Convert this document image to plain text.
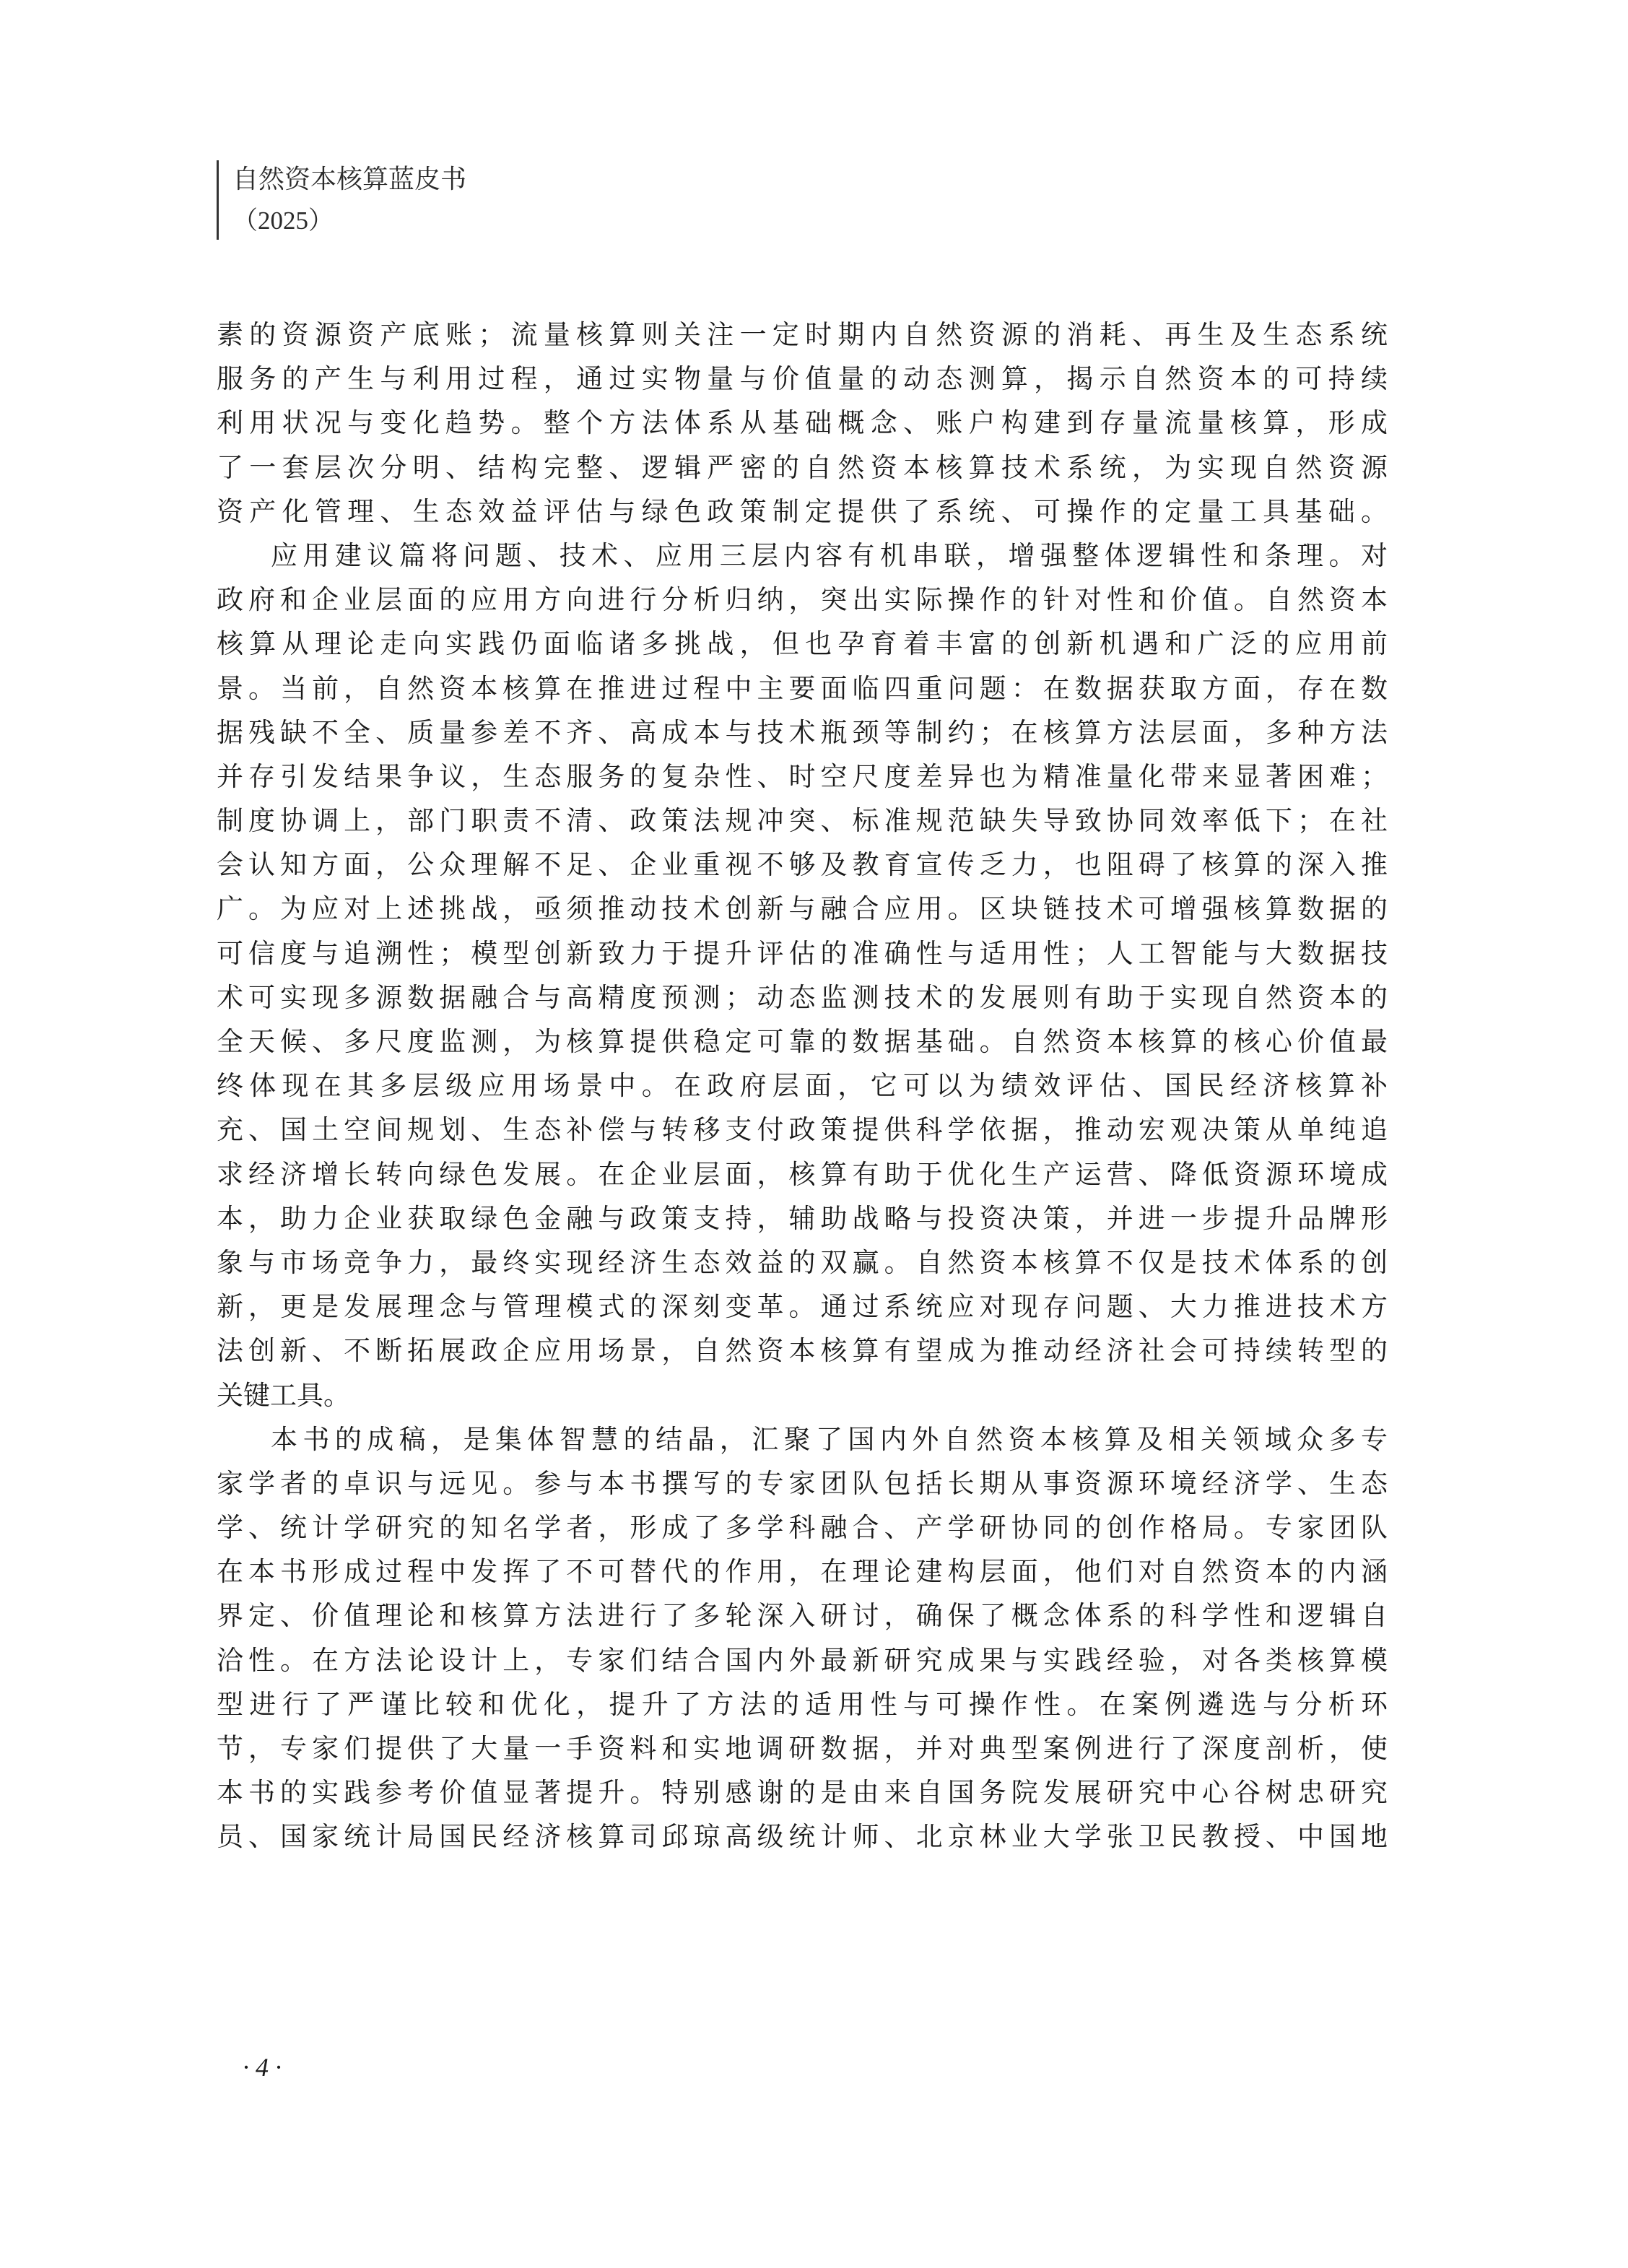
自然资本核算蓝皮书
（2025）
素的资源资产底账；流量核算则关注一定时期内自然资源的消耗、再生及生态系统
服务的产生与利用过程，通过实物量与价值量的动态测算，揭示自然资本的可持续
利用状况与变化趋势。整个方法体系从基础概念、账户构建到存量流量核算，形成
了一套层次分明、结构完整、逻辑严密的自然资本核算技术系统，为实现自然资源
资产化管理、生态效益评估与绿色政策制定提供了系统、可操作的定量工具基础。
应用建议篇将问题、技术、应用三层内容有机串联，增强整体逻辑性和条理。对
政府和企业层面的应用方向进行分析归纳，突出实际操作的针对性和价值。自然资本
核算从理论走向实践仍面临诸多挑战，但也孕育着丰富的创新机遇和广泛的应用前
景。当前，自然资本核算在推进过程中主要面临四重问题：在数据获取方面，存在数
据残缺不全、质量参差不齐、高成本与技术瓶颈等制约；在核算方法层面，多种方法
并存引发结果争议，生态服务的复杂性、时空尺度差异也为精准量化带来显著困难；
制度协调上，部门职责不清、政策法规冲突、标准规范缺失导致协同效率低下；在社
会认知方面，公众理解不足、企业重视不够及教育宣传乏力，也阻碍了核算的深入推
广。为应对上述挑战，亟须推动技术创新与融合应用。区块链技术可增强核算数据的
可信度与追溯性；模型创新致力于提升评估的准确性与适用性；人工智能与大数据技
术可实现多源数据融合与高精度预测；动态监测技术的发展则有助于实现自然资本的
全天候、多尺度监测，为核算提供稳定可靠的数据基础。自然资本核算的核心价值最
终体现在其多层级应用场景中。在政府层面，它可以为绩效评估、国民经济核算补
充、国土空间规划、生态补偿与转移支付政策提供科学依据，推动宏观决策从单纯追
求经济增长转向绿色发展。在企业层面，核算有助于优化生产运营、降低资源环境成
本，助力企业获取绿色金融与政策支持，辅助战略与投资决策，并进一步提升品牌形
象与市场竞争力，最终实现经济生态效益的双赢。自然资本核算不仅是技术体系的创
新，更是发展理念与管理模式的深刻变革。通过系统应对现存问题、大力推进技术方
法创新、不断拓展政企应用场景，自然资本核算有望成为推动经济社会可持续转型的
关键工具。
本书的成稿，是集体智慧的结晶，汇聚了国内外自然资本核算及相关领域众多专
家学者的卓识与远见。参与本书撰写的专家团队包括长期从事资源环境经济学、生态
学、统计学研究的知名学者，形成了多学科融合、产学研协同的创作格局。专家团队
在本书形成过程中发挥了不可替代的作用，在理论建构层面，他们对自然资本的内涵
界定、价值理论和核算方法进行了多轮深入研讨，确保了概念体系的科学性和逻辑自
洽性。在方法论设计上，专家们结合国内外最新研究成果与实践经验，对各类核算模
型进行了严谨比较和优化，提升了方法的适用性与可操作性。在案例遴选与分析环
节，专家们提供了大量一手资料和实地调研数据，并对典型案例进行了深度剖析，使
本书的实践参考价值显著提升。特别感谢的是由来自国务院发展研究中心谷树忠研究
员、国家统计局国民经济核算司邱琼高级统计师、北京林业大学张卫民教授、中国地
· 4 ·
